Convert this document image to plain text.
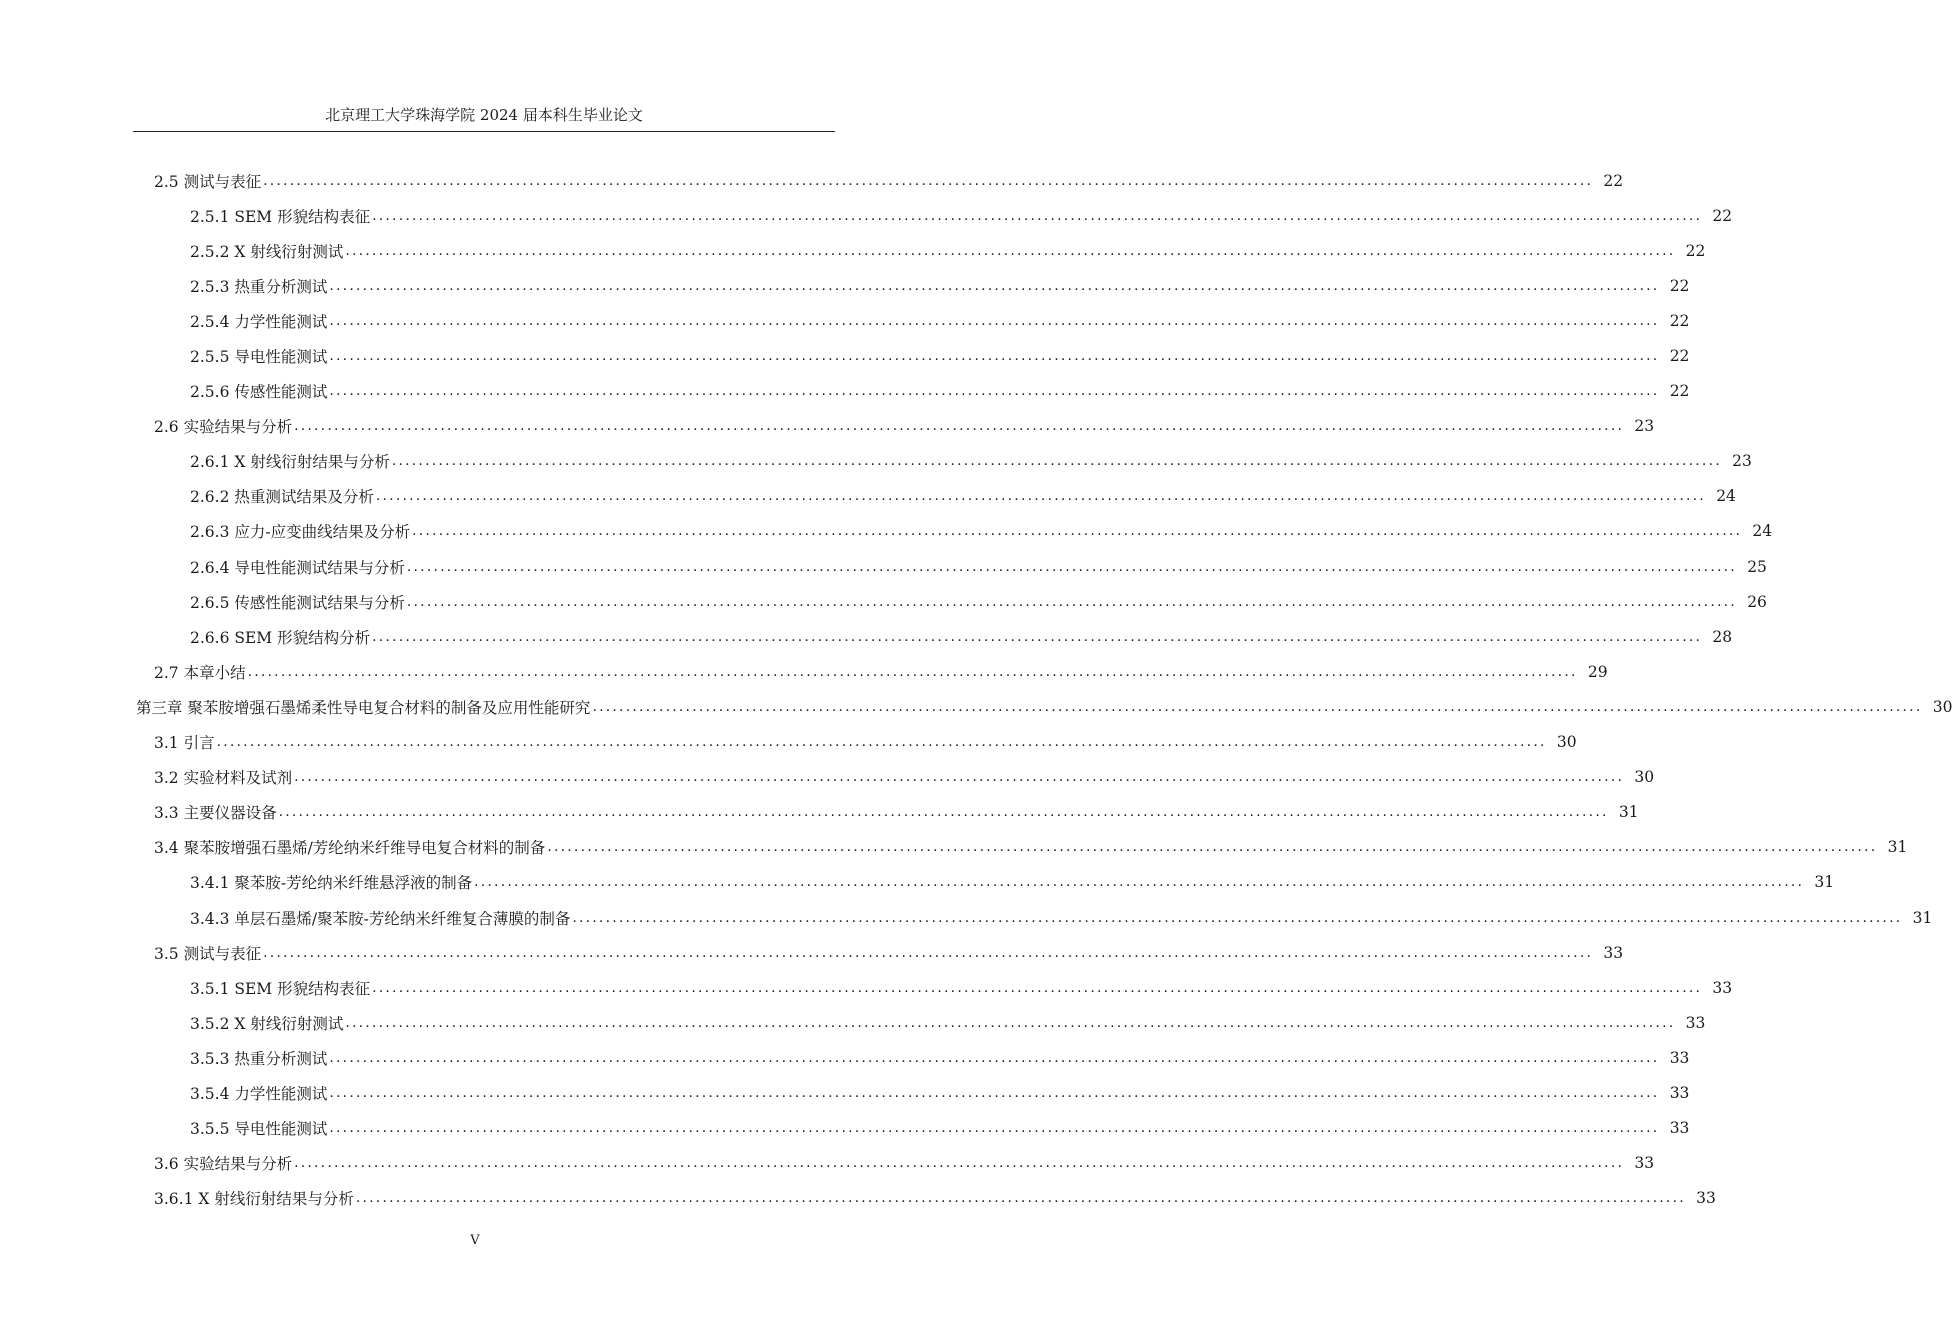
北京理工大学珠海学院 2024 届本科生毕业论文
2.5 测试与表征 ........................................................................................................................................................................................................ 22
2.5.1 SEM 形貌结构表征 ........................................................................................................................................................................................................ 22
2.5.2 X 射线衍射测试 ........................................................................................................................................................................................................ 22
2.5.3 热重分析测试 ........................................................................................................................................................................................................ 22
2.5.4 力学性能测试 ........................................................................................................................................................................................................ 22
2.5.5 导电性能测试 ........................................................................................................................................................................................................ 22
2.5.6 传感性能测试 ........................................................................................................................................................................................................ 22
2.6 实验结果与分析 ........................................................................................................................................................................................................ 23
2.6.1 X 射线衍射结果与分析 ........................................................................................................................................................................................................ 23
2.6.2 热重测试结果及分析 ........................................................................................................................................................................................................ 24
2.6.3 应力-应变曲线结果及分析 ........................................................................................................................................................................................................ 24
2.6.4 导电性能测试结果与分析 ........................................................................................................................................................................................................ 25
2.6.5 传感性能测试结果与分析 ........................................................................................................................................................................................................ 26
2.6.6 SEM 形貌结构分析 ........................................................................................................................................................................................................ 28
2.7 本章小结 ........................................................................................................................................................................................................ 29
第三章 聚苯胺增强石墨烯柔性导电复合材料的制备及应用性能研究 ........................................................................................................................................................................................................ 30
3.1 引言 ........................................................................................................................................................................................................ 30
3.2 实验材料及试剂 ........................................................................................................................................................................................................ 30
3.3 主要仪器设备 ........................................................................................................................................................................................................ 31
3.4 聚苯胺增强石墨烯/芳纶纳米纤维导电复合材料的制备 ........................................................................................................................................................................................................ 31
3.4.1 聚苯胺-芳纶纳米纤维悬浮液的制备 ........................................................................................................................................................................................................ 31
3.4.3 单层石墨烯/聚苯胺-芳纶纳米纤维复合薄膜的制备 ........................................................................................................................................................................................................ 31
3.5 测试与表征 ........................................................................................................................................................................................................ 33
3.5.1 SEM 形貌结构表征 ........................................................................................................................................................................................................ 33
3.5.2 X 射线衍射测试 ........................................................................................................................................................................................................ 33
3.5.3 热重分析测试 ........................................................................................................................................................................................................ 33
3.5.4 力学性能测试 ........................................................................................................................................................................................................ 33
3.5.5 导电性能测试 ........................................................................................................................................................................................................ 33
3.6 实验结果与分析 ........................................................................................................................................................................................................ 33
3.6.1 X 射线衍射结果与分析 ........................................................................................................................................................................................................ 33
V
